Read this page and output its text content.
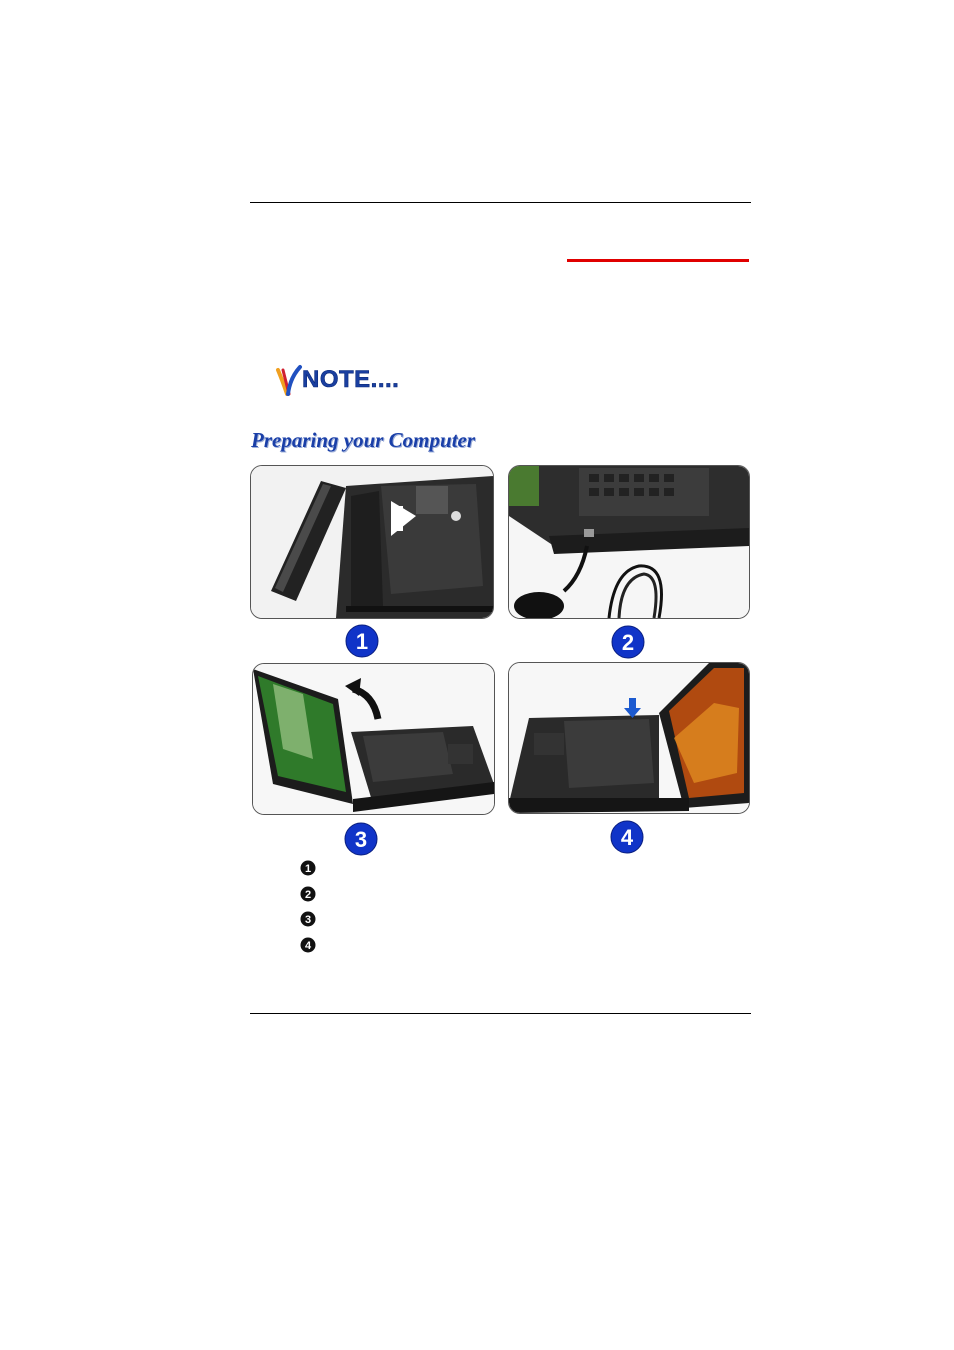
NOTE....
Preparing your Computer
1	2
3	4
1
2
3
4
